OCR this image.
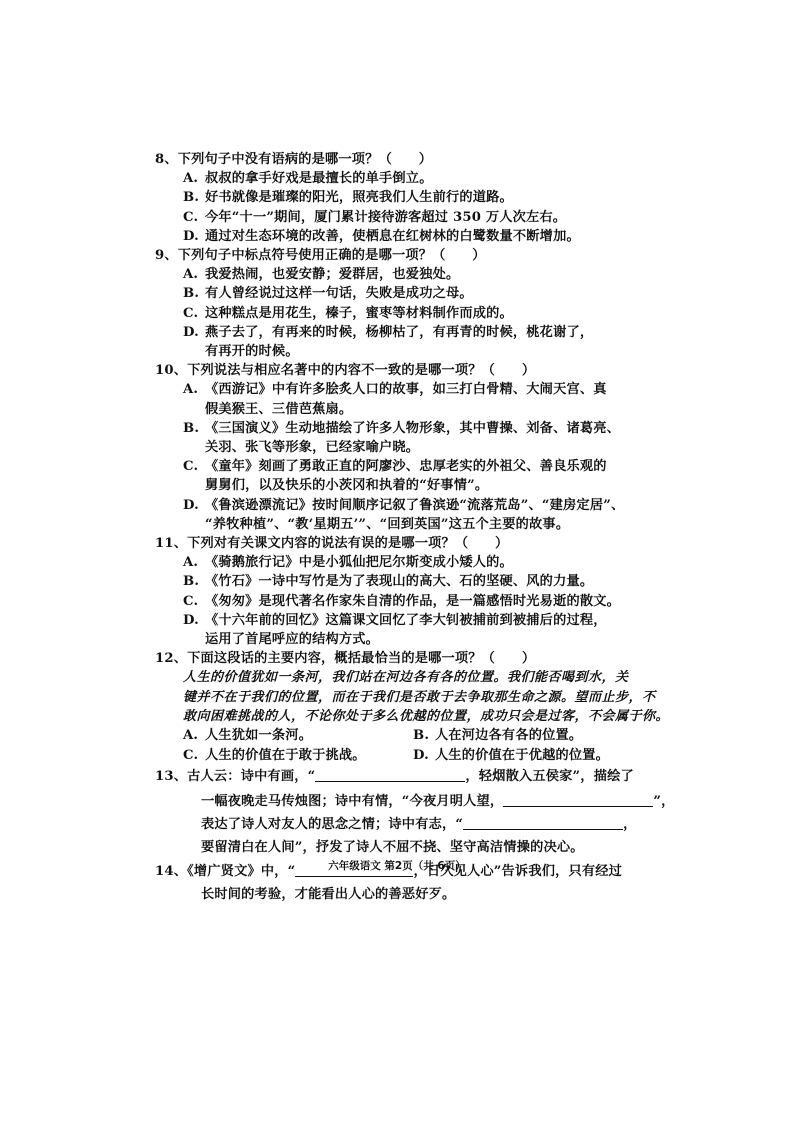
8、下列句子中没有语病的是哪一项？（　　）
A. 叔叔的拿手好戏是最擅长的单手倒立。
B. 好书就像是璀璨的阳光，照亮我们人生前行的道路。
C. 今年“十一”期间，厦门累计接待游客超过 350 万人次左右。
D. 通过对生态环境的改善，使栖息在红树林的白鹭数量不断增加。
9、下列句子中标点符号使用正确的是哪一项？（　　）
A. 我爱热闹，也爱安静；爱群居，也爱独处。
B. 有人曾经说过这样一句话，失败是成功之母。
C. 这种糕点是用花生，榛子，蜜枣等材料制作而成的。
D. 燕子去了，有再来的时候，杨柳枯了，有再青的时候，桃花谢了，
有再开的时候。
10、下列说法与相应名著中的内容不一致的是哪一项？（　　）
A. 《西游记》中有许多脍炙人口的故事，如三打白骨精、大闹天宫、真
假美猴王、三借芭蕉扇。
B. 《三国演义》生动地描绘了许多人物形象，其中曹操、刘备、诸葛亮、
关羽、张飞等形象，已经家喻户晓。
C. 《童年》刻画了勇敢正直的阿廖沙、忠厚老实的外祖父、善良乐观的
舅舅们，以及快乐的小茨冈和执着的“好事情”。
D. 《鲁滨逊漂流记》按时间顺序记叙了鲁滨逊“流落荒岛”、“建房定居”、
“养牧种植”、“教‘星期五’”、“回到英国”这五个主要的故事。
11、下列对有关课文内容的说法有误的是哪一项？（　　）
A. 《骑鹅旅行记》中是小狐仙把尼尔斯变成小矮人的。
B. 《竹石》一诗中写竹是为了表现山的高大、石的坚硬、风的力量。
C. 《匆匆》是现代著名作家朱自清的作品，是一篇感悟时光易逝的散文。
D. 《十六年前的回忆》这篇课文回忆了李大钊被捕前到被捕后的过程，
运用了首尾呼应的结构方式。
12、下面这段话的主要内容，概括最恰当的是哪一项？（　　）
人生的价值犹如一条河，我们站在河边各有各的位置。我们能否喝到水，关
键并不在于我们的位置，而在于我们是否敢于去争取那生命之源。望而止步，不
敢向困难挑战的人，不论你处于多么优越的位置，成功只会是过客，不会属于你。
A. 人生犹如一条河。	B. 人在河边各有各的位置。
C. 人生的价值在于敢于挑战。	D. 人生的价值在于优越的位置。
13、古人云：诗中有画，“	，轻烟散入五侯家”，描绘了
一幅夜晚走马传烛图；诗中有情，“今夜月明人望，	”，
表达了诗人对友人的思念之情；诗中有志，“	，
要留清白在人间”，抒发了诗人不屈不挠、坚守高洁情操的决心。
14、《增广贤文》中，“	，日久见人心”告诉我们，只有经过
长时间的考验，才能看出人心的善恶好歹。
六年级语文 第2页（共 6页）
